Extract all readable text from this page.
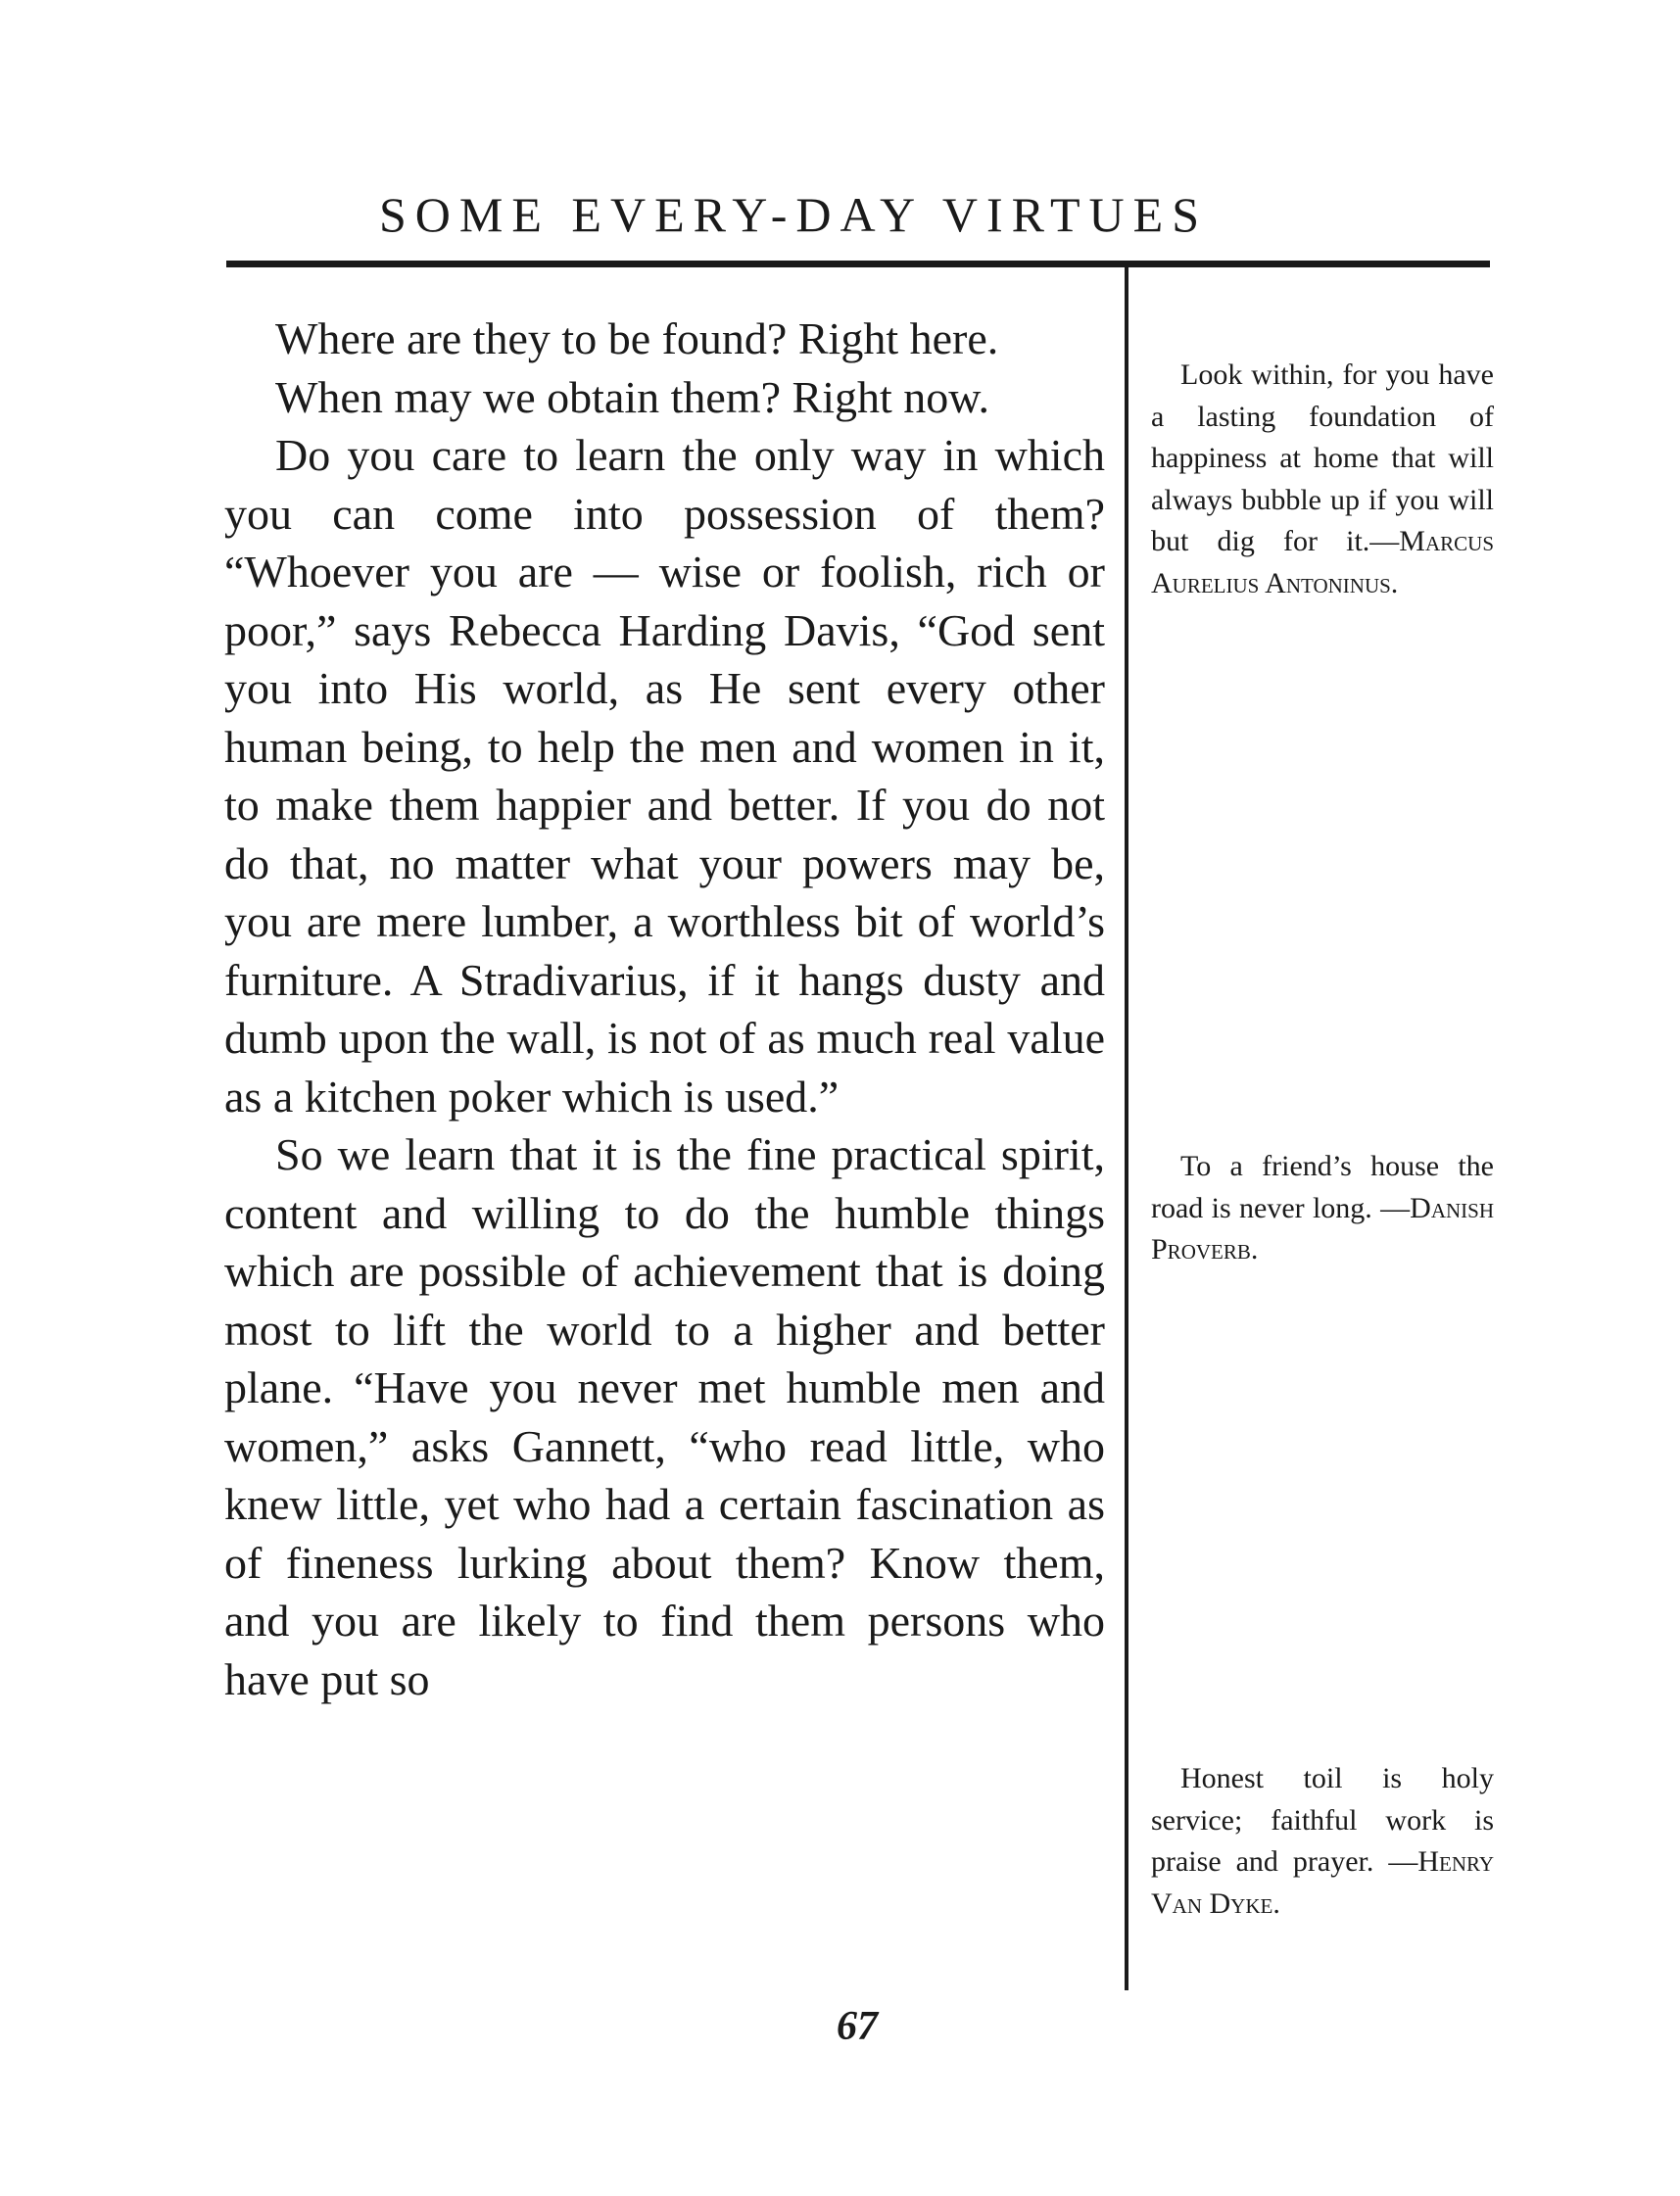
SOME EVERY-DAY VIRTUES

Where are they to be found? Right here.

When may we obtain them? Right now.

Do you care to learn the only way in which you can come into possession of them? “Whoever you are — wise or foolish, rich or poor,” says Rebecca Harding Davis, “God sent you into His world, as He sent every other human being, to help the men and women in it, to make them happier and better. If you do not do that, no matter what your powers may be, you are mere lumber, a worthless bit of world’s furniture. A Stradivarius, if it hangs dusty and dumb upon the wall, is not of as much real value as a kitchen poker which is used.”

So we learn that it is the fine practical spirit, content and willing to do the humble things which are possible of achievement that is doing most to lift the world to a higher and better plane. “Have you never met humble men and women,” asks Gannett, “who read little, who knew little, yet who had a certain fascination as of fineness lurking about them? Know them, and you are likely to find them persons who have put so

Look within, for you have a lasting foundation of happiness at home that will always bubble up if you will but dig for it.—Marcus Aurelius Antoninus.

To a friend’s house the road is never long. —Danish Proverb.

Honest toil is holy service; faithful work is praise and prayer. —Henry Van Dyke.

67
